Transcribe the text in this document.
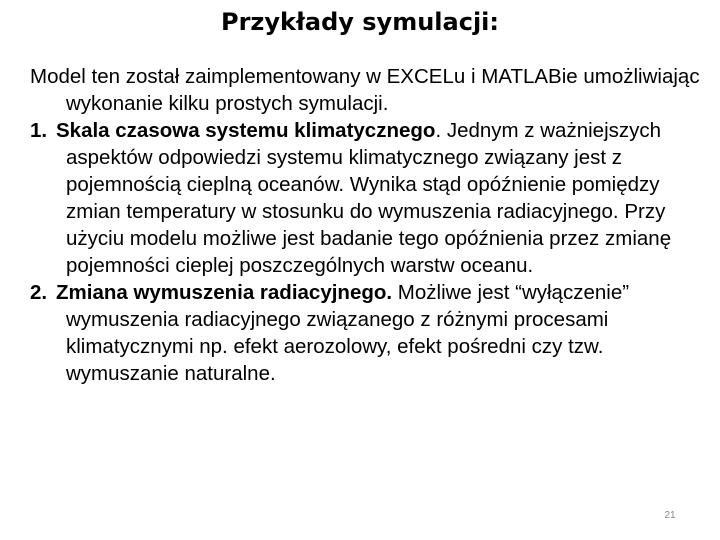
Przykłady symulacji:

Model ten został zaimplementowany w EXCELu i MATLABie umożliwiając wykonanie kilku prostych symulacji.

1. Skala czasowa systemu klimatycznego. Jednym z ważniejszych aspektów odpowiedzi systemu klimatycznego związany jest z pojemnością cieplną oceanów. Wynika stąd opóźnienie pomiędzy zmian temperatury w stosunku do wymuszenia radiacyjnego. Przy użyciu modelu możliwe jest badanie tego opóźnienia przez zmianę pojemności cieplej poszczególnych warstw oceanu.

2. Zmiana wymuszenia radiacyjnego. Możliwe jest “wyłączenie” wymuszenia radiacyjnego związanego z różnymi procesami klimatycznymi np. efekt aerozolowy, efekt pośredni czy tzw. wymuszanie naturalne.

21
